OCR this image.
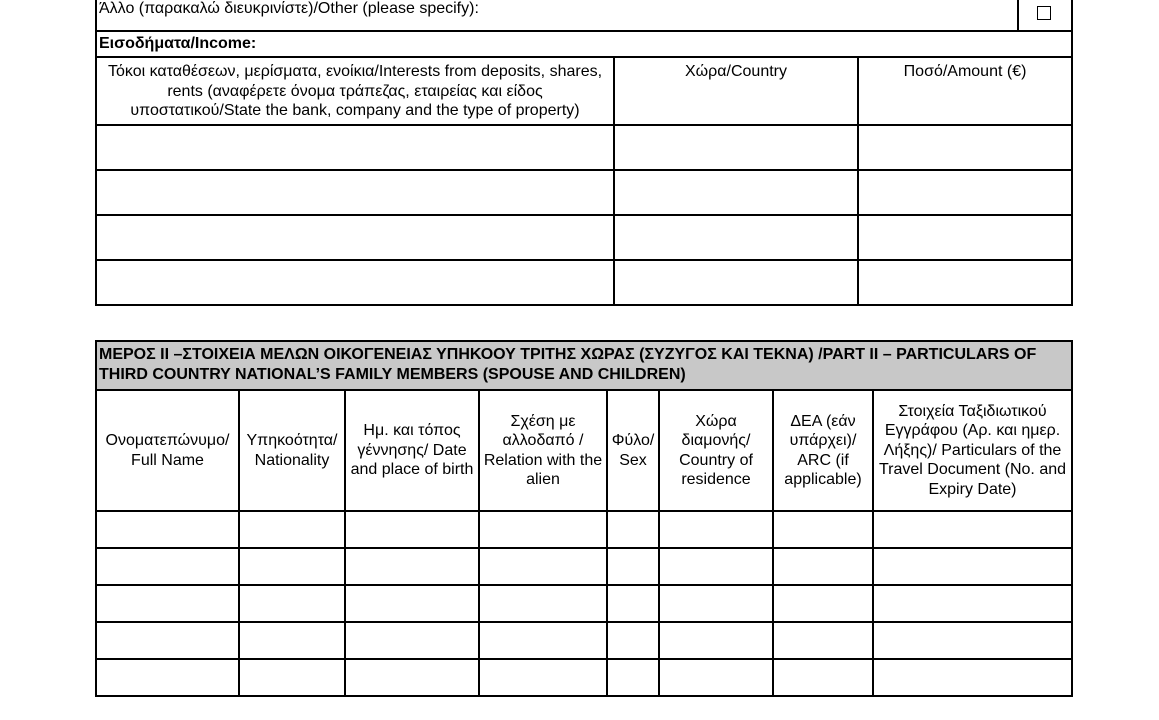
Άλλο (παρακαλώ διευκρινίστε)/Other (please specify):		

Εισοδήματα/Income:		
Τόκοι καταθέσεων, μερίσματα, ενοίκια/Interests from deposits, shares, rents (αναφέρετε όνομα τράπεζας, εταιρείας και είδος υποστατικού/State the bank, company and the type of property)	Χώρα/Country	Ποσό/Amount (€)

ΜΕΡΟΣ ΙΙ –ΣΤΟΙΧΕΙΑ ΜΕΛΩΝ ΟΙΚΟΓΕΝΕΙΑΣ ΥΠΗΚΟΟΥ ΤΡΙΤΗΣ ΧΩΡΑΣ (ΣΥΖΥΓΟΣ ΚΑΙ ΤΕΚΝΑ) /PART II – PARTICULARS OF THIRD COUNTRY NATIONAL’S FAMILY MEMBERS (SPOUSE AND CHILDREN)							
Ονοματεπώνυμο/ Full Name	Υπηκοότητα/ Nationality	Ημ. και τόπος γέννησης/ Date and place of birth	Σχέση με αλλοδαπό / Relation with the alien	Φύλο/ Sex	Χώρα διαμονής/ Country of residence	ΔΕΑ (εάν υπάρχει)/ ARC (if applicable)	Στοιχεία Ταξιδιωτικού Εγγράφου (Αρ. και ημερ. Λήξης)/ Particulars of the Travel Document (No. and Expiry Date)
